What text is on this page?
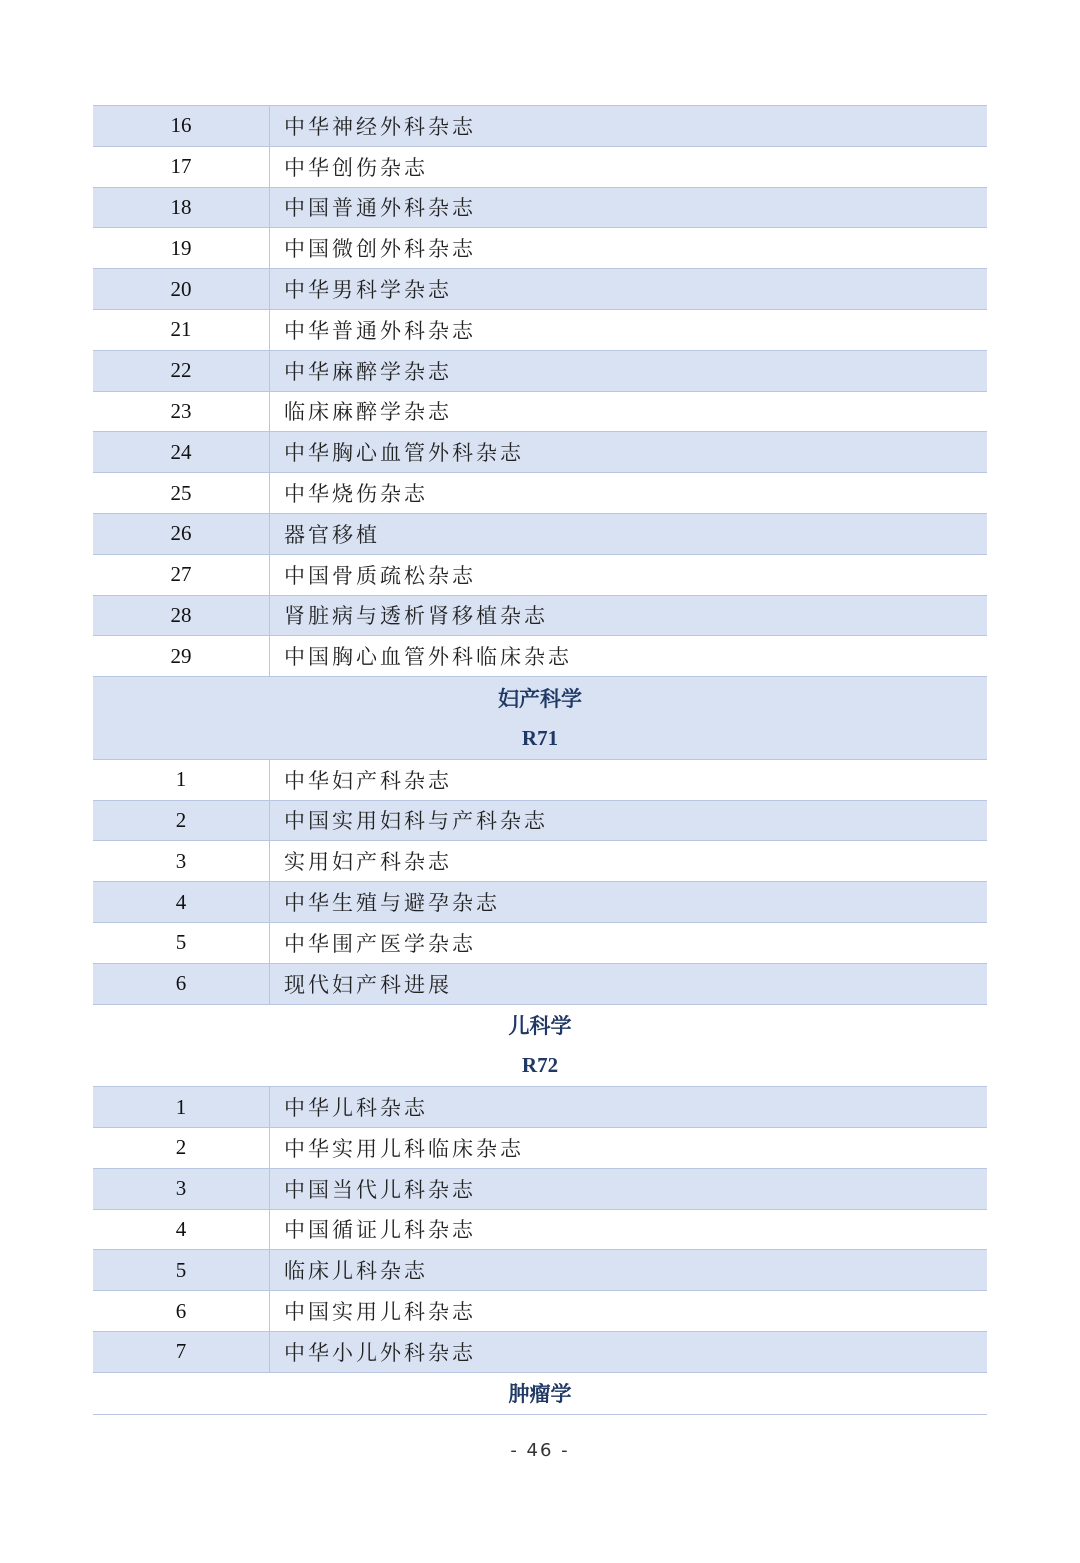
16	中华神经外科杂志
17	中华创伤杂志
18	中国普通外科杂志
19	中国微创外科杂志
20	中华男科学杂志
21	中华普通外科杂志
22	中华麻醉学杂志
23	临床麻醉学杂志
24	中华胸心血管外科杂志
25	中华烧伤杂志
26	器官移植
27	中国骨质疏松杂志
28	肾脏病与透析肾移植杂志
29	中国胸心血管外科临床杂志
妇产科学
R71
1	中华妇产科杂志
2	中国实用妇科与产科杂志
3	实用妇产科杂志
4	中华生殖与避孕杂志
5	中华围产医学杂志
6	现代妇产科进展
儿科学
R72
1	中华儿科杂志
2	中华实用儿科临床杂志
3	中国当代儿科杂志
4	中国循证儿科杂志
5	临床儿科杂志
6	中国实用儿科杂志
7	中华小儿外科杂志
肿瘤学
- 46 -
